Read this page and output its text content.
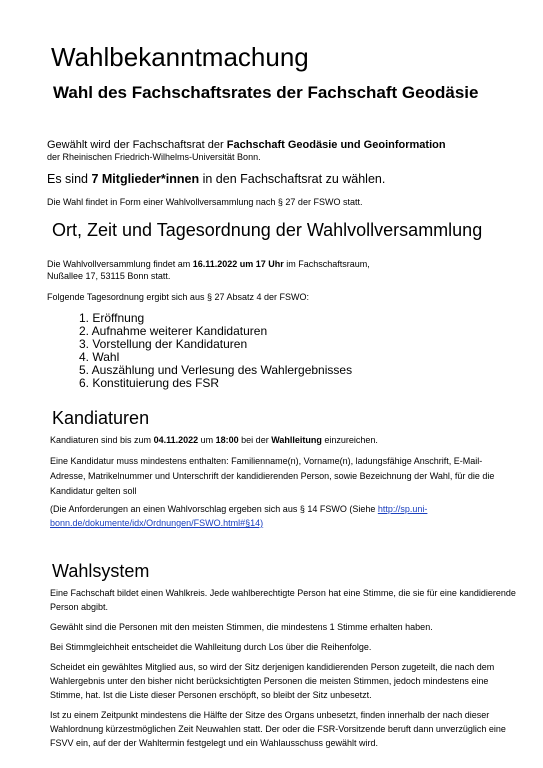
Wahlbekanntmachung
Wahl des Fachschaftsrates der Fachschaft Geodäsie
Gewählt wird der Fachschaftsrat der Fachschaft Geodäsie und Geoinformation
der Rheinischen Friedrich-Wilhelms-Universität Bonn.
Es sind 7 Mitglieder*innen in den Fachschaftsrat zu wählen.
Die Wahl findet in Form einer Wahlvollversammlung nach § 27 der FSWO statt.
Ort, Zeit und Tagesordnung der Wahlvollversammlung
Die Wahlvollversammlung findet am 16.11.2022 um 17 Uhr im Fachschaftsraum,
Nußallee 17, 53115 Bonn statt.
Folgende Tagesordnung ergibt sich aus § 27 Absatz 4 der FSWO:
1. Eröffnung
2. Aufnahme weiterer Kandidaturen
3. Vorstellung der Kandidaturen
4. Wahl
5. Auszählung und Verlesung des Wahlergebnisses
6. Konstituierung des FSR
Kandiaturen
Kandiaturen sind bis zum 04.11.2022 um 18:00 bei der Wahlleitung einzureichen.
Eine Kandidatur muss mindestens enthalten: Familienname(n), Vorname(n), ladungsfähige Anschrift, E-Mail-Adresse, Matrikelnummer und Unterschrift der kandidierenden Person, sowie Bezeichnung der Wahl, für die die Kandidatur gelten soll
(Die Anforderungen an einen Wahlvorschlag ergeben sich aus § 14 FSWO (Siehe http://sp.uni-bonn.de/dokumente/idx/Ordnungen/FSWO.html#§14)
Wahlsystem
Eine Fachschaft bildet einen Wahlkreis. Jede wahlberechtigte Person hat eine Stimme, die sie für eine kandidierende Person abgibt.
Gewählt sind die Personen mit den meisten Stimmen, die mindestens 1 Stimme erhalten haben.
Bei Stimmgleichheit entscheidet die Wahlleitung durch Los über die Reihenfolge.
Scheidet ein gewähltes Mitglied aus, so wird der Sitz derjenigen kandidierenden Person zugeteilt, die nach dem Wahlergebnis unter den bisher nicht berücksichtigten Personen die meisten Stimmen, jedoch mindestens eine Stimme, hat. Ist die Liste dieser Personen erschöpft, so bleibt der Sitz unbesetzt.
Ist zu einem Zeitpunkt mindestens die Hälfte der Sitze des Organs unbesetzt, finden innerhalb der nach dieser Wahlordnung kürzestmöglichen Zeit Neuwahlen statt. Der oder die FSR-Vorsitzende beruft dann unverzüglich eine FSVV ein, auf der der Wahltermin festgelegt und ein Wahlausschuss gewählt wird.
